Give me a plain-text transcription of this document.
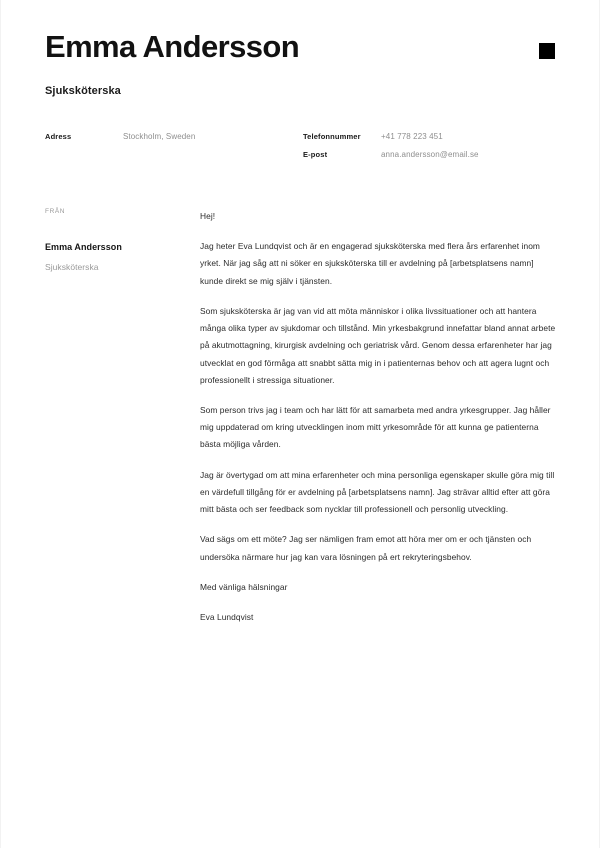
Emma Andersson

Sjuksköterska

Adress	Stockholm, Sweden	Telefonnummer	+41 778 223 451
E-post	anna.andersson@email.se
FRÅN
Emma Andersson
Sjuksköterska

Hej!

Jag heter Eva Lundqvist och är en engagerad sjuksköterska med flera års erfarenhet inom yrket. När jag såg att ni söker en sjuksköterska till er avdelning på [arbetsplatsens namn] kunde direkt se mig själv i tjänsten.

Som sjuksköterska är jag van vid att möta människor i olika livssituationer och att hantera många olika typer av sjukdomar och tillstånd. Min yrkesbakgrund innefattar bland annat arbete på akutmottagning, kirurgisk avdelning och geriatrisk vård. Genom dessa erfarenheter har jag utvecklat en god förmåga att snabbt sätta mig in i patienternas behov och att agera lugnt och professionellt i stressiga situationer.

Som person trivs jag i team och har lätt för att samarbeta med andra yrkesgrupper. Jag håller mig uppdaterad om kring utvecklingen inom mitt yrkesområde för att kunna ge patienterna bästa möjliga vården.

Jag är övertygad om att mina erfarenheter och mina personliga egenskaper skulle göra mig till en värdefull tillgång för er avdelning på [arbetsplatsens namn]. Jag strävar alltid efter att göra mitt bästa och ser feedback som nycklar till professionell och personlig utveckling.

Vad sägs om ett möte? Jag ser nämligen fram emot att höra mer om er och tjänsten och undersöka närmare hur jag kan vara lösningen på ert rekryteringsbehov.

Med vänliga hälsningar

Eva Lundqvist
